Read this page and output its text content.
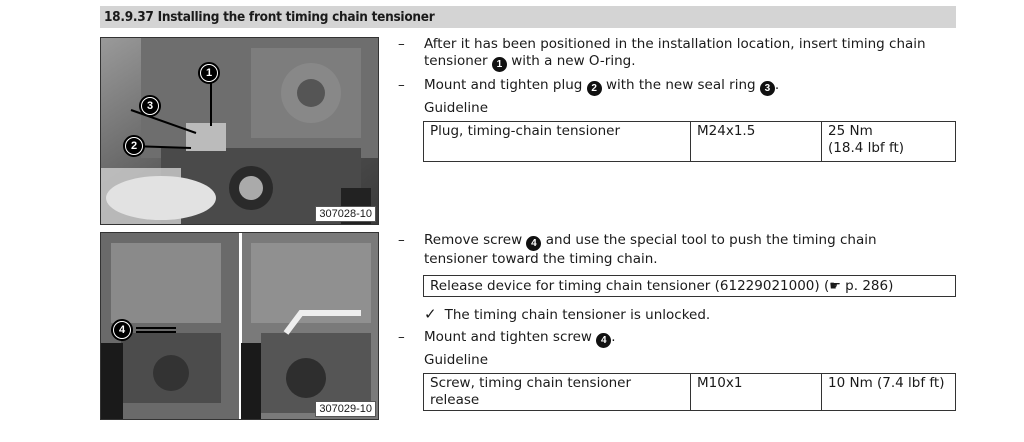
18.9.37 Installing the front timing chain tensioner
1
3
2
307028-10
4
307029-10
– After it has been positioned in the installation location, insert timing chain tensioner 1 with a new O-ring.
– Mount and tighten plug 2 with the new seal ring 3 .
Guideline
Plug, timing-chain tensioner	M24x1.5	25 Nm
(18.4 lbf ft)
– Remove screw 4 and use the special tool to push the timing chain tensioner toward the timing chain.
Release device for timing chain tensioner (61229021000) (☛ p. 286)
✓ The timing chain tensioner is unlocked.
– Mount and tighten screw 4 .
Guideline
Screw, timing chain tensioner release	M10x1	10 Nm (7.4 lbf ft)
